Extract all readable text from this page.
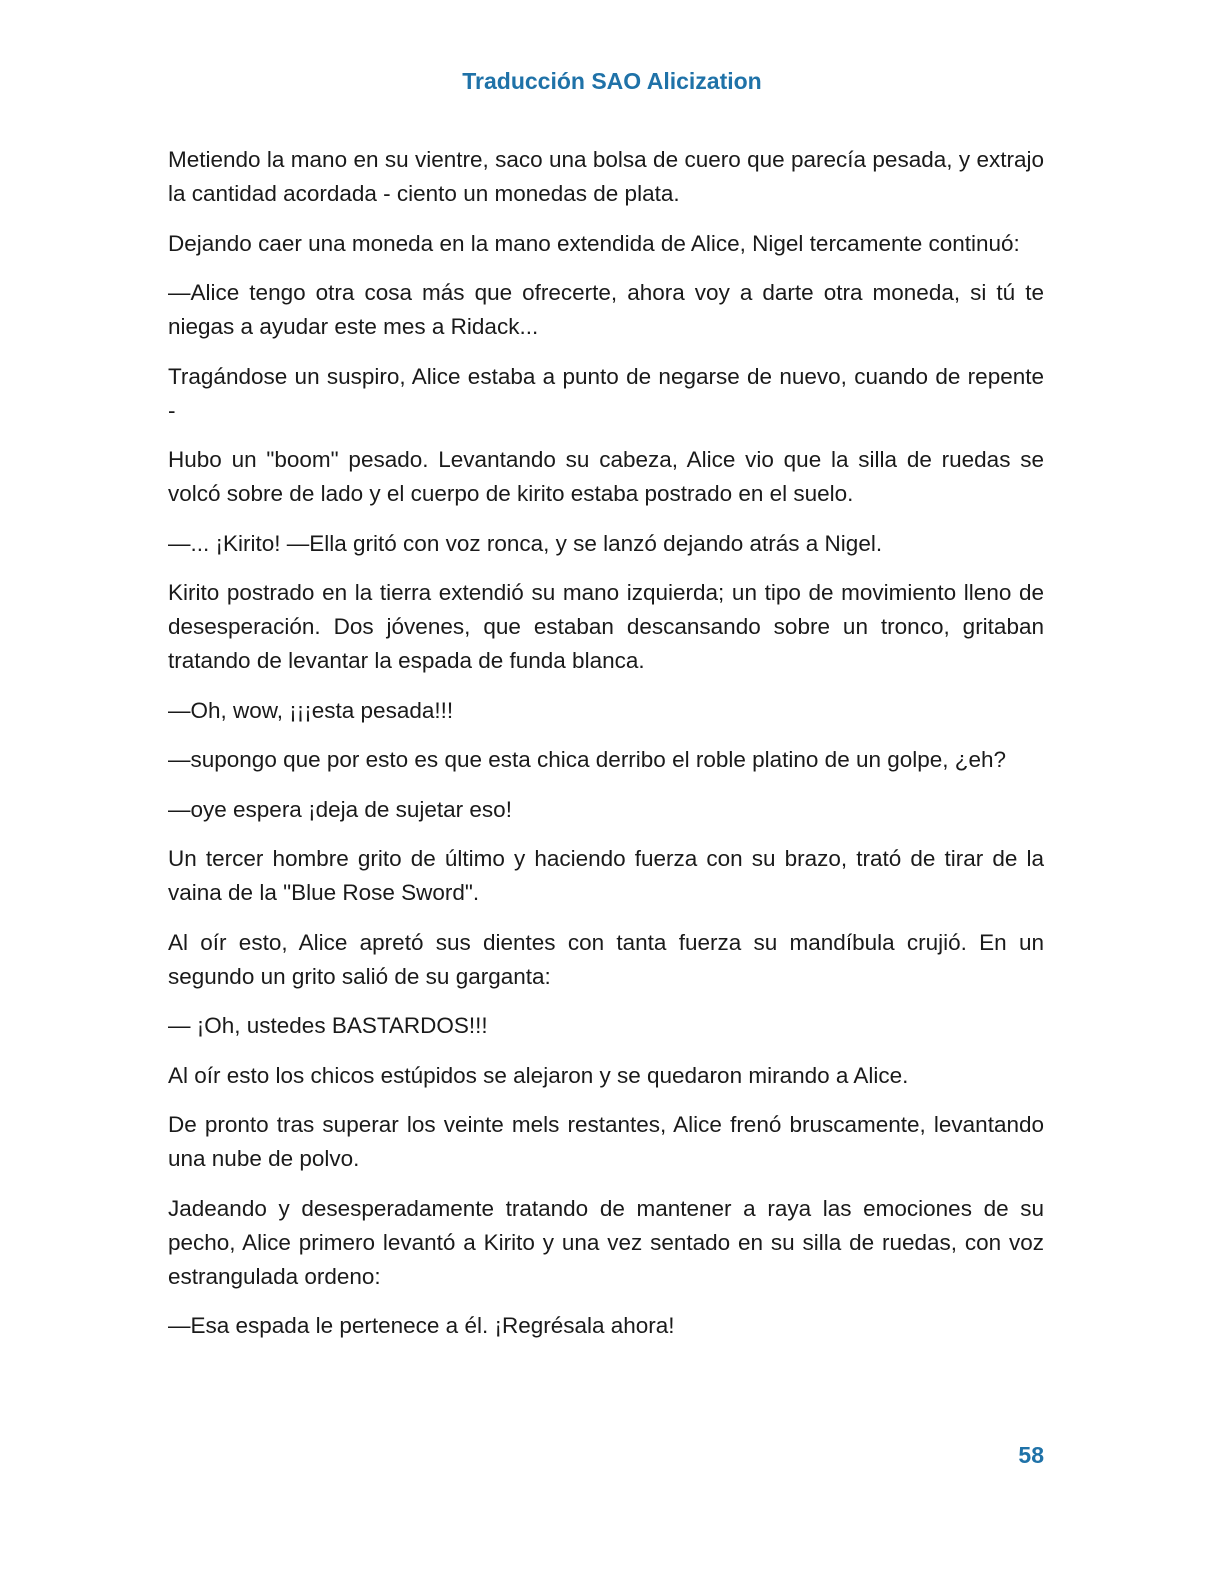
Traducción SAO Alicization

Metiendo la mano en su vientre, saco una bolsa de cuero que parecía pesada, y extrajo la cantidad acordada - ciento un monedas de plata.

Dejando caer una moneda en la mano extendida de Alice, Nigel tercamente continuó:

—Alice tengo otra cosa más que ofrecerte, ahora voy a darte otra moneda, si tú te niegas a ayudar este mes a Ridack...

Tragándose un suspiro, Alice estaba a punto de negarse de nuevo, cuando de repente -

Hubo un "boom" pesado. Levantando su cabeza, Alice vio que la silla de ruedas se volcó sobre de lado y el cuerpo de kirito estaba postrado en el suelo.

—... ¡Kirito! —Ella gritó con voz ronca, y se lanzó dejando atrás a Nigel.

Kirito postrado en la tierra extendió su mano izquierda; un tipo de movimiento lleno de desesperación. Dos jóvenes, que estaban descansando sobre un tronco, gritaban tratando de levantar la espada de funda blanca.

—Oh, wow, ¡¡¡esta pesada!!!

—supongo que por esto es que esta chica derribo el roble platino de un golpe, ¿eh?

—oye espera ¡deja de sujetar eso!

Un tercer hombre grito de último y haciendo fuerza con su brazo, trató de tirar de la vaina de la "Blue Rose Sword".

Al oír esto, Alice apretó sus dientes con tanta fuerza su mandíbula crujió. En un segundo un grito salió de su garganta:

— ¡Oh, ustedes BASTARDOS!!!

Al oír esto los chicos estúpidos se alejaron y se quedaron mirando a Alice.

De pronto tras superar los veinte mels restantes, Alice frenó bruscamente, levantando una nube de polvo.

Jadeando y desesperadamente tratando de mantener a raya las emociones de su pecho, Alice primero levantó a Kirito y una vez sentado en su silla de ruedas, con voz estrangulada ordeno:

—Esa espada le pertenece a él. ¡Regrésala ahora!

58
